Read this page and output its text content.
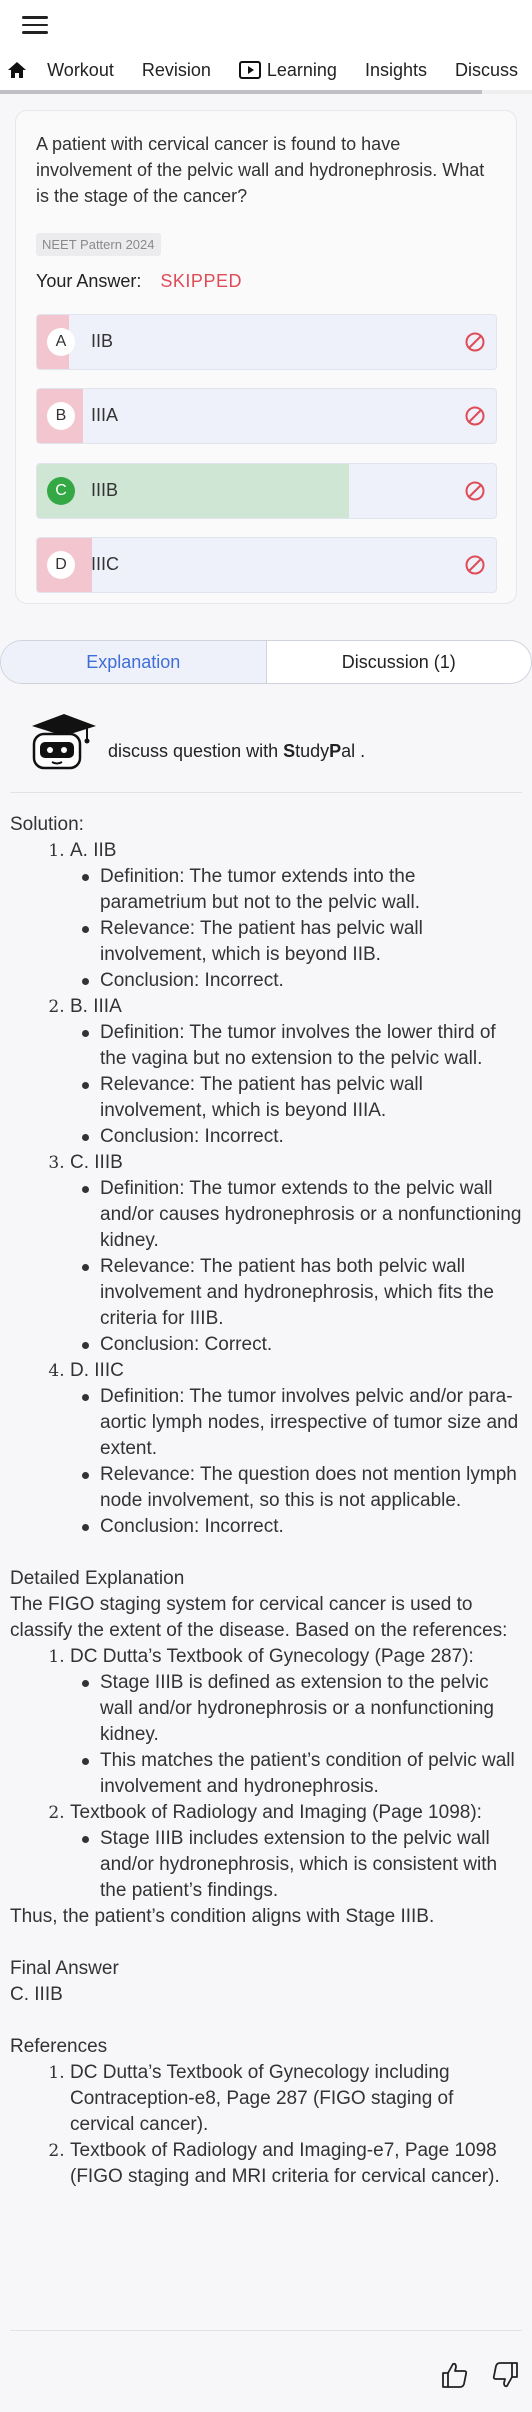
Workout Revision	Learning Insights Discuss
A patient with cervical cancer is found to have involvement of the pelvic wall and hydronephrosis. What is the stage of the cancer?
NEET Pattern 2024
Your Answer: SKIPPED
A	IIB
B	IIIA
C	IIIB
D	IIIC
Explanation	Discussion (1)
discuss question with StudyPal .

Solution:

1. A. IIB
Definition: The tumor extends into the parametrium but not to the pelvic wall.
Relevance: The patient has pelvic wall involvement, which is beyond IIB.
Conclusion: Incorrect.
2. B. IIIA
Definition: The tumor involves the lower third of the vagina but no extension to the pelvic wall.
Relevance: The patient has pelvic wall involvement, which is beyond IIIA.
Conclusion: Incorrect.
3. C. IIIB
Definition: The tumor extends to the pelvic wall and/or causes hydronephrosis or a nonfunctioning kidney.
Relevance: The patient has both pelvic wall involvement and hydronephrosis, which fits the criteria for IIIB.
Conclusion: Correct.
4. D. IIIC
Definition: The tumor involves pelvic and/or para-aortic lymph nodes, irrespective of tumor size and extent.
Relevance: The question does not mention lymph node involvement, so this is not applicable.
Conclusion: Incorrect.

Detailed Explanation

The FIGO staging system for cervical cancer is used to classify the extent of the disease. Based on the references:

1. DC Dutta’s Textbook of Gynecology (Page 287):
Stage IIIB is defined as extension to the pelvic wall and/or hydronephrosis or a nonfunctioning kidney.
This matches the patient’s condition of pelvic wall involvement and hydronephrosis.
2. Textbook of Radiology and Imaging (Page 1098):
Stage IIIB includes extension to the pelvic wall and/or hydronephrosis, which is consistent with the patient’s findings.

Thus, the patient’s condition aligns with Stage IIIB.

Final Answer

C. IIIB

References

1. DC Dutta’s Textbook of Gynecology including Contraception-e8, Page 287 (FIGO staging of cervical cancer).
2. Textbook of Radiology and Imaging-e7, Page 1098 (FIGO staging and MRI criteria for cervical cancer).
